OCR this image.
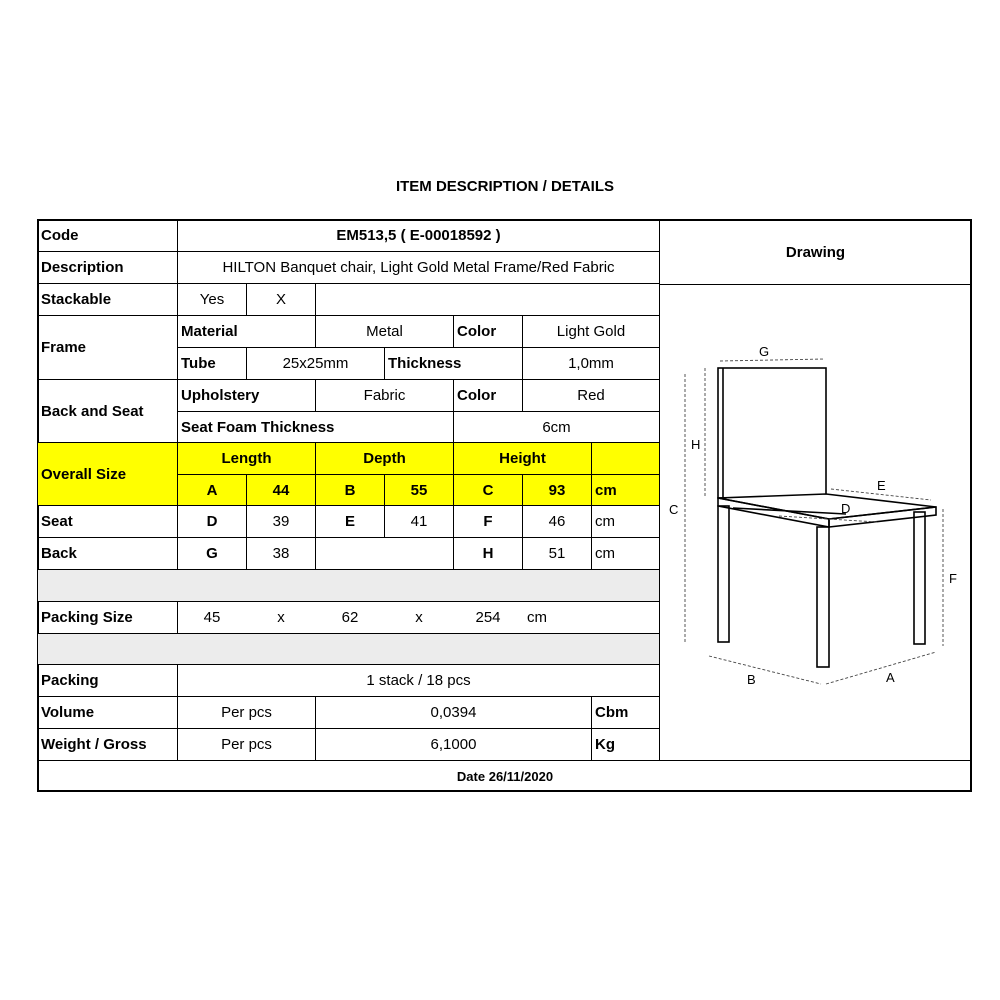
ITEM DESCRIPTION / DETAILS
Code	EM513,5 ( E-00018592 )
Drawing
Description	HILTON Banquet chair, Light Gold Metal Frame/Red Fabric
Stackable	Yes	X
Frame
Material	Metal	Color	Light Gold
Tube	25x25mm	Thickness	1,0mm
Back and Seat
Upholstery	Fabric	Color	Red
Seat Foam Thickness	6cm
Overall Size
Length	Depth	Height
A	44	B	55	C	93	cm
Seat	D	39	E	41	F	46	cm
Back	G	38	H	51	cm
Packing Size	45	x	62	x	254	cm
Packing	1 stack / 18 pcs
Volume	Per pcs	0,0394	Cbm
Weight / Gross	Per pcs	6,1000	Kg
G
H
C
E
D
F
B	A
Date 26/11/2020
